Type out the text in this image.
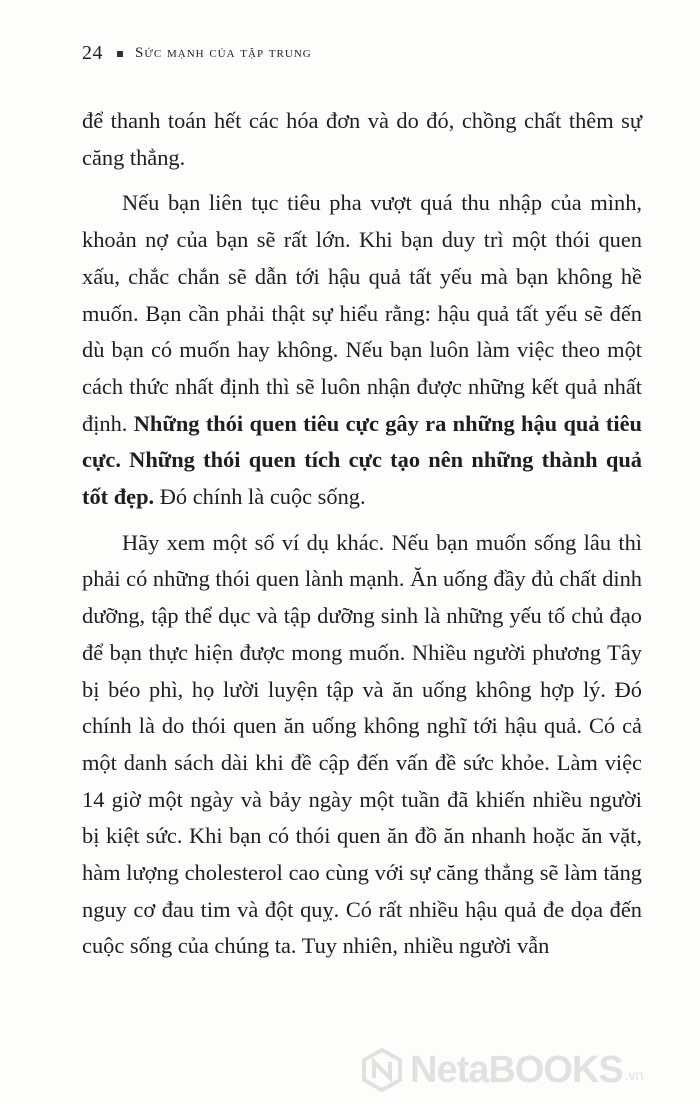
24 Sức mạnh của tập trung

để thanh toán hết các hóa đơn và do đó, chồng chất thêm sự căng thẳng.

Nếu bạn liên tục tiêu pha vượt quá thu nhập của mình, khoản nợ của bạn sẽ rất lớn. Khi bạn duy trì một thói quen xấu, chắc chắn sẽ dẫn tới hậu quả tất yếu mà bạn không hề muốn. Bạn cần phải thật sự hiểu rằng: hậu quả tất yếu sẽ đến dù bạn có muốn hay không. Nếu bạn luôn làm việc theo một cách thức nhất định thì sẽ luôn nhận được những kết quả nhất định. Những thói quen tiêu cực gây ra những hậu quả tiêu cực. Những thói quen tích cực tạo nên những thành quả tốt đẹp. Đó chính là cuộc sống.

Hãy xem một số ví dụ khác. Nếu bạn muốn sống lâu thì phải có những thói quen lành mạnh. Ăn uống đầy đủ chất dinh dưỡng, tập thể dục và tập dưỡng sinh là những yếu tố chủ đạo để bạn thực hiện được mong muốn. Nhiều người phương Tây bị béo phì, họ lười luyện tập và ăn uống không hợp lý. Đó chính là do thói quen ăn uống không nghĩ tới hậu quả. Có cả một danh sách dài khi đề cập đến vấn đề sức khỏe. Làm việc 14 giờ một ngày và bảy ngày một tuần đã khiến nhiều người bị kiệt sức. Khi bạn có thói quen ăn đồ ăn nhanh hoặc ăn vặt, hàm lượng cholesterol cao cùng với sự căng thẳng sẽ làm tăng nguy cơ đau tim và đột quỵ. Có rất nhiều hậu quả đe dọa đến cuộc sống của chúng ta. Tuy nhiên, nhiều người vẫn

NetaBOOKS .vn
